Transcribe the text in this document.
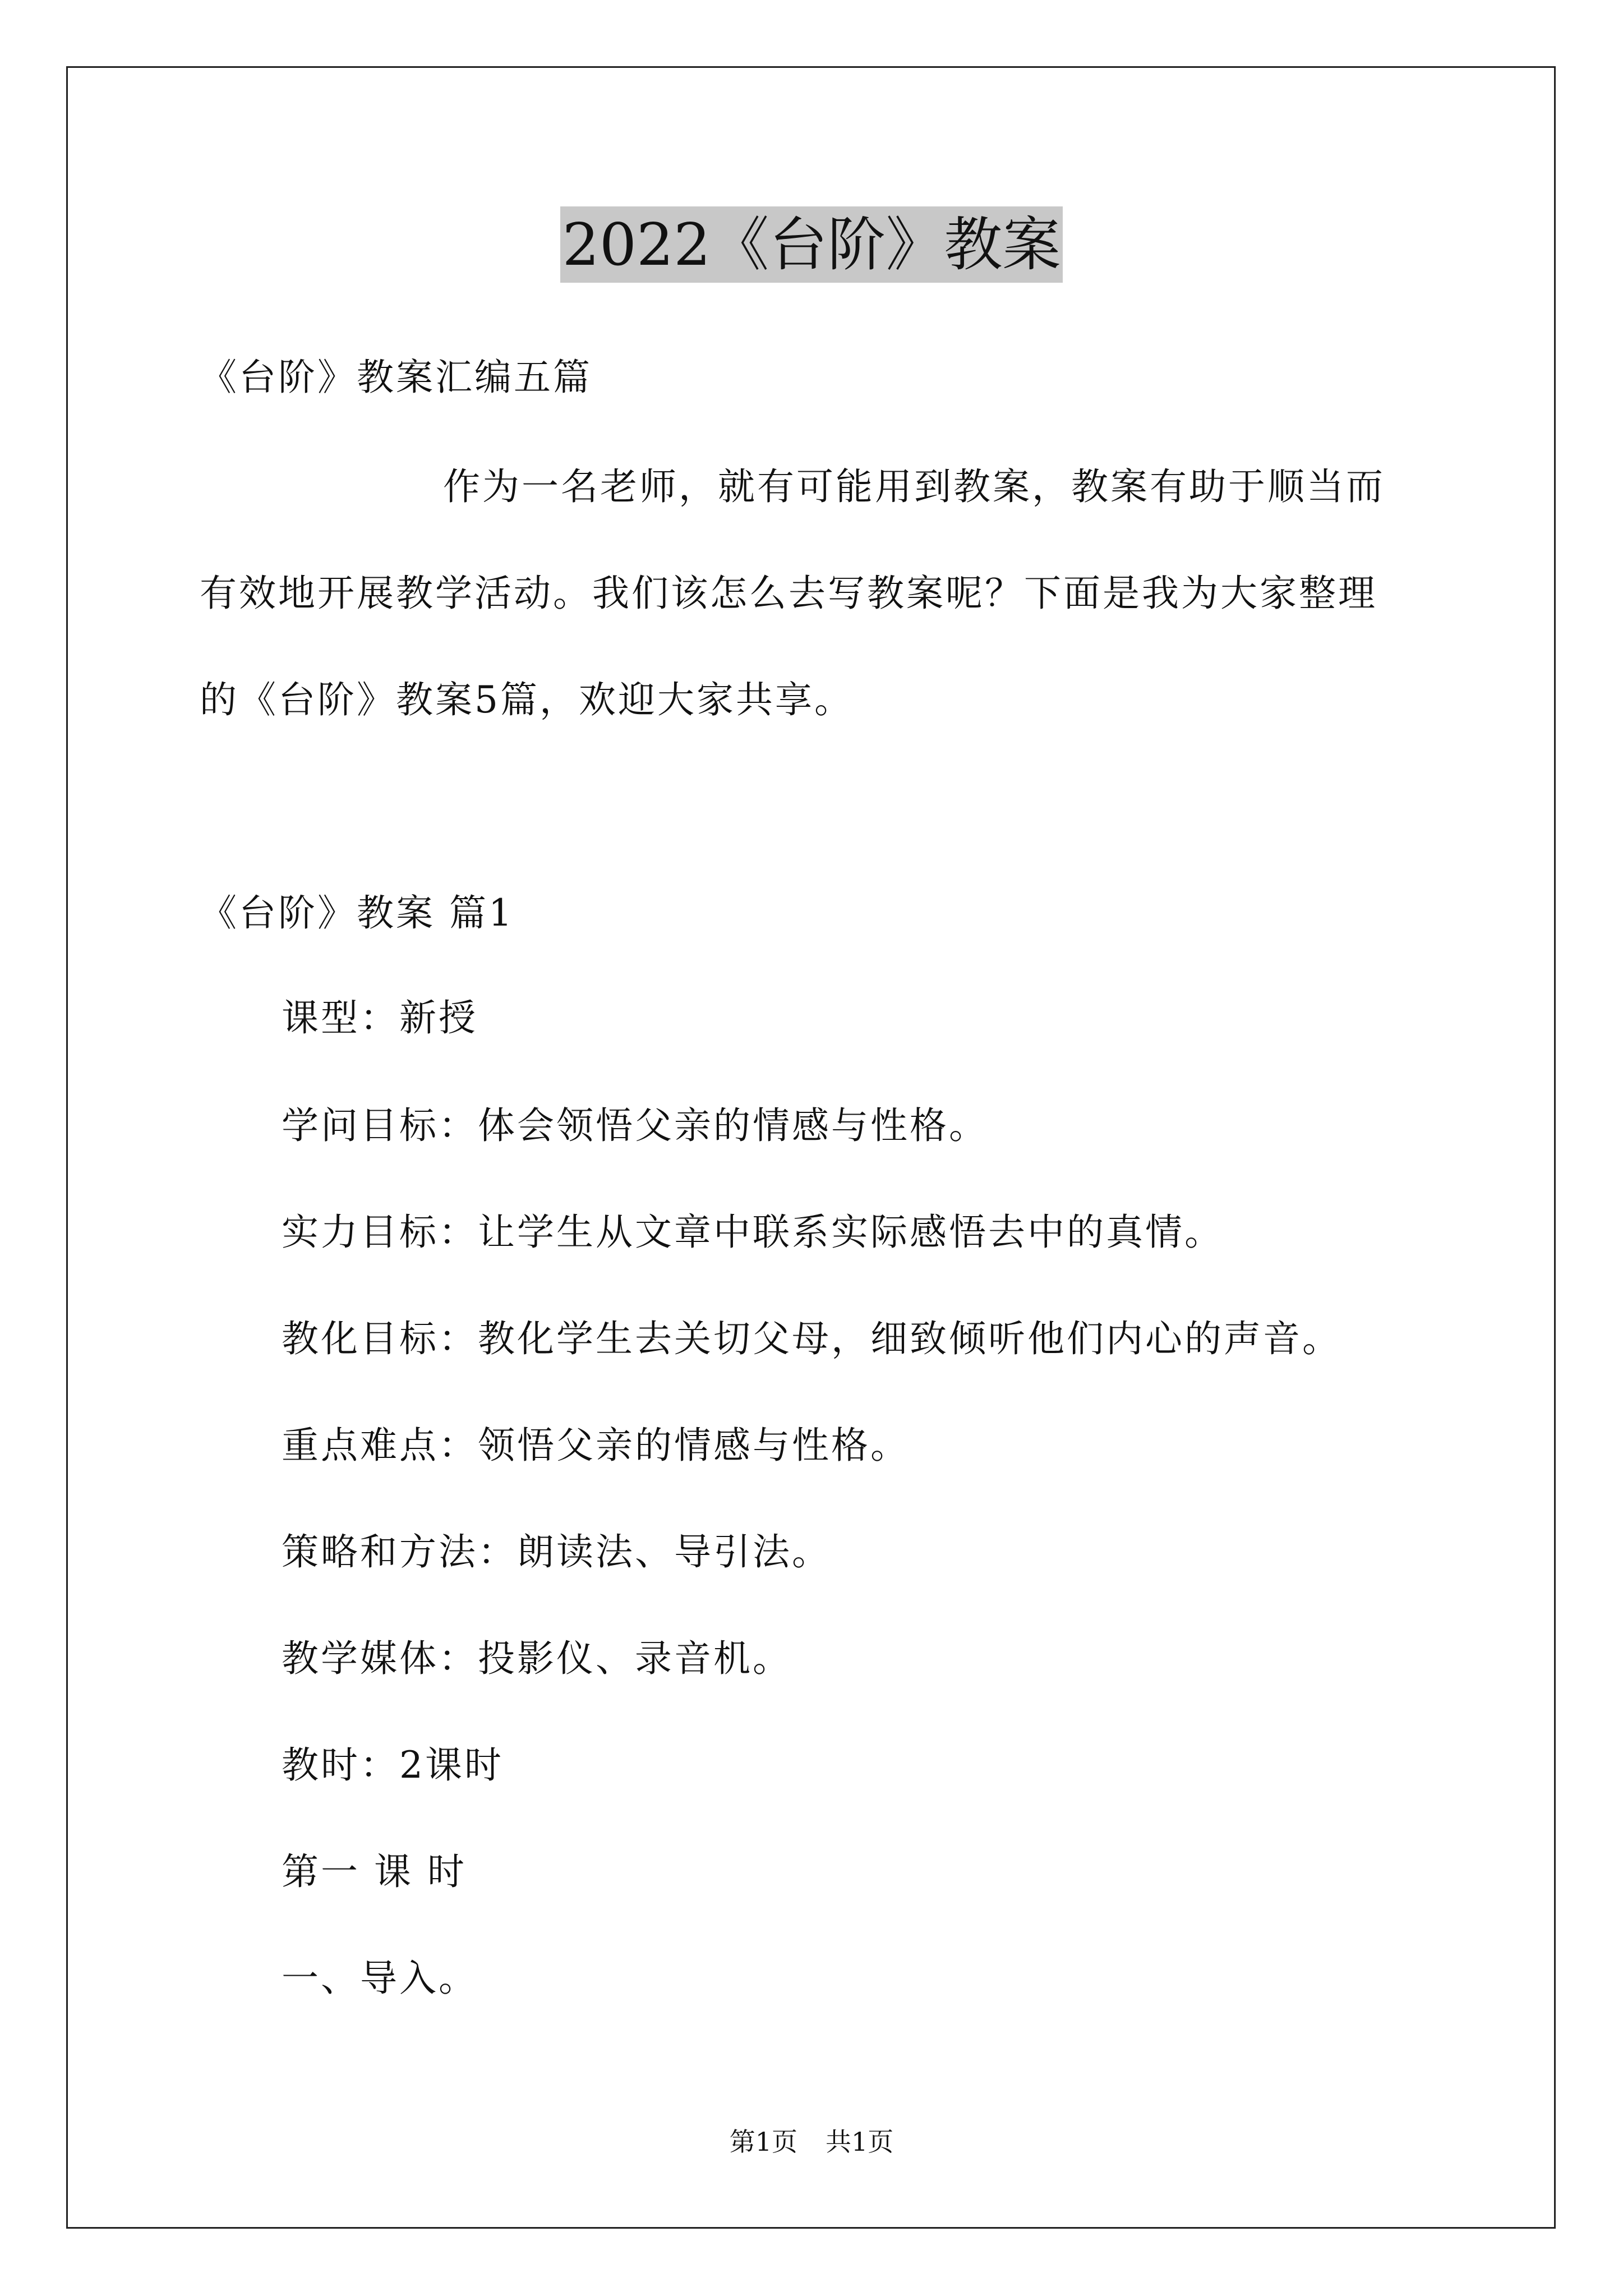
2022《台阶》教案
《台阶》教案汇编五篇
作为一名老师，就有可能用到教案，教案有助于顺当而
有效地开展教学活动。我们该怎么去写教案呢？下面是我为大家整理
的《台阶》教案5篇，欢迎大家共享。
《台阶》教案 篇1
课型：新授
学问目标：体会领悟父亲的情感与性格。
实力目标：让学生从文章中联系实际感悟去中的真情。
教化目标：教化学生去关切父母，细致倾听他们内心的声音。
重点难点：领悟父亲的情感与性格。
策略和方法：朗读法、导引法。
教学媒体：投影仪、录音机。
教时：2课时
第一 课 时
一、导入。
第1页 共1页
